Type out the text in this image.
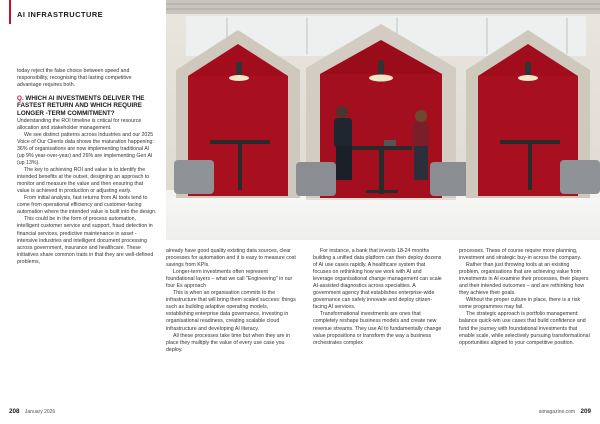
AI INFRASTRUCTURE

today reject the false choice between speed and responsibility, recognising that lasting competitive advantage requires both.

Q. WHICH AI INVESTMENTS DELIVER THE FASTEST RETURN AND WHICH REQUIRE LONGER -TERM COMMITMENT?

Understanding the ROI timeline is critical for resource allocation and stakeholder management.

We see distinct patterns across industries and our 2025 Voice of Our Clients data shows the maturation happening: 36% of organisations are now implementing traditional AI (up 9% year-over-year) and 26% are implementing Gen AI (up 13%).

The key to achieving ROI and value is to identify the intended benefits at the outset, designing an approach to monitor and measure the value and then ensuring that value is achieved in production or adjusting early.

From initial analysis, fast returns from AI tools tend to come from operational efficiency and customer-facing automation where the intended value is built into the design.

This could be in the form of process automation, intelligent customer service and support, fraud detection in financial services, predictive maintenance in asset -intensive industries and intelligent document processing across government, insurance and healthcare. These initiatives share common traits in that they are well-defined problems,

already have good quality existing data sources, clear processes for automation and it is easy to measure cost savings from KPIs.

Longer-term investments often represent foundational layers – what we call "Engineering" in our four Es approach

This is when an organisation commits to the infrastructure that will bring them scaled success: things such as building adaptive operating models, establishing enterprise data governance, investing in organisational readiness, creating scalable cloud infrastructure and developing AI literacy.

All these processes take time but when they are in place they multiply the value of every use case you deploy.

For instance, a bank that invests 18-24 months building a unified data platform can then deploy dozens of AI use cases rapidly. A healthcare system that focuses on rethinking how we work with AI and leverage organisational change management can scale AI-assisted diagnostics across specialties. A government agency that establishes enterprise-wide governance can safely innovate and deploy citizen-facing AI services.

Transformational investments are ones that completely reshape business models and create new revenue streams. They use AI to fundamentally change value propositions or transform the way a business orchestrates complex

processes. These of course require more planning, investment and strategic buy-in across the company.

Rather than just throwing tools at an existing problem, organisations that are achieving value from investments in AI examine their processes, their players and their intended outcomes – and are rethinking how they achieve their goals.

Without the proper culture in place, there is a risk some programmes may fail.

The strategic approach is portfolio management: balance quick-win use cases that build confidence and fund the journey with foundational investments that enable scale, while selectively pursuing transformational opportunities aligned to your competitive position.

208 January 2026	aimagazine.com 209
